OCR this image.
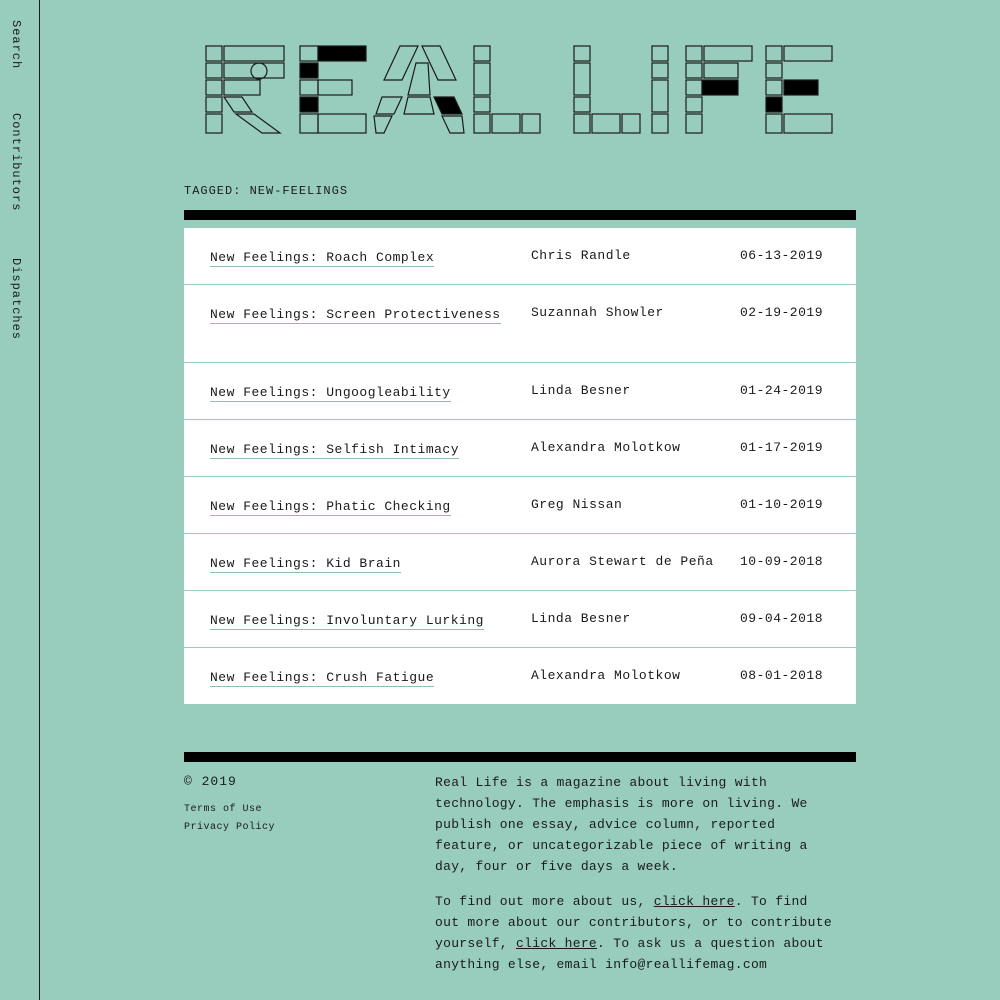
Search
Contributors
Dispatches
TAGGED: NEW-FEELINGS
New Feelings: Roach Complex	Chris Randle	06-13-2019
New Feelings: Screen Protectiveness	Suzannah Showler	02-19-2019
New Feelings: Ungoogleability	Linda Besner	01-24-2019
New Feelings: Selfish Intimacy	Alexandra Molotkow	01-17-2019
New Feelings: Phatic Checking	Greg Nissan	01-10-2019
New Feelings: Kid Brain	Aurora Stewart de Peña 10-09-2018
New Feelings: Involuntary Lurking	Linda Besner	09-04-2018
New Feelings: Crush Fatigue	Alexandra Molotkow	08-01-2018
© 2019
Terms of Use
Privacy Policy

Real Life is a magazine about living with technology. The emphasis is more on living. We publish one essay, advice column, reported feature, or uncategorizable piece of writing a day, four or five days a week.

To find out more about us, click here. To find out more about our contributors, or to contribute yourself, click here. To ask us a question about anything else, email info@reallifemag.com
